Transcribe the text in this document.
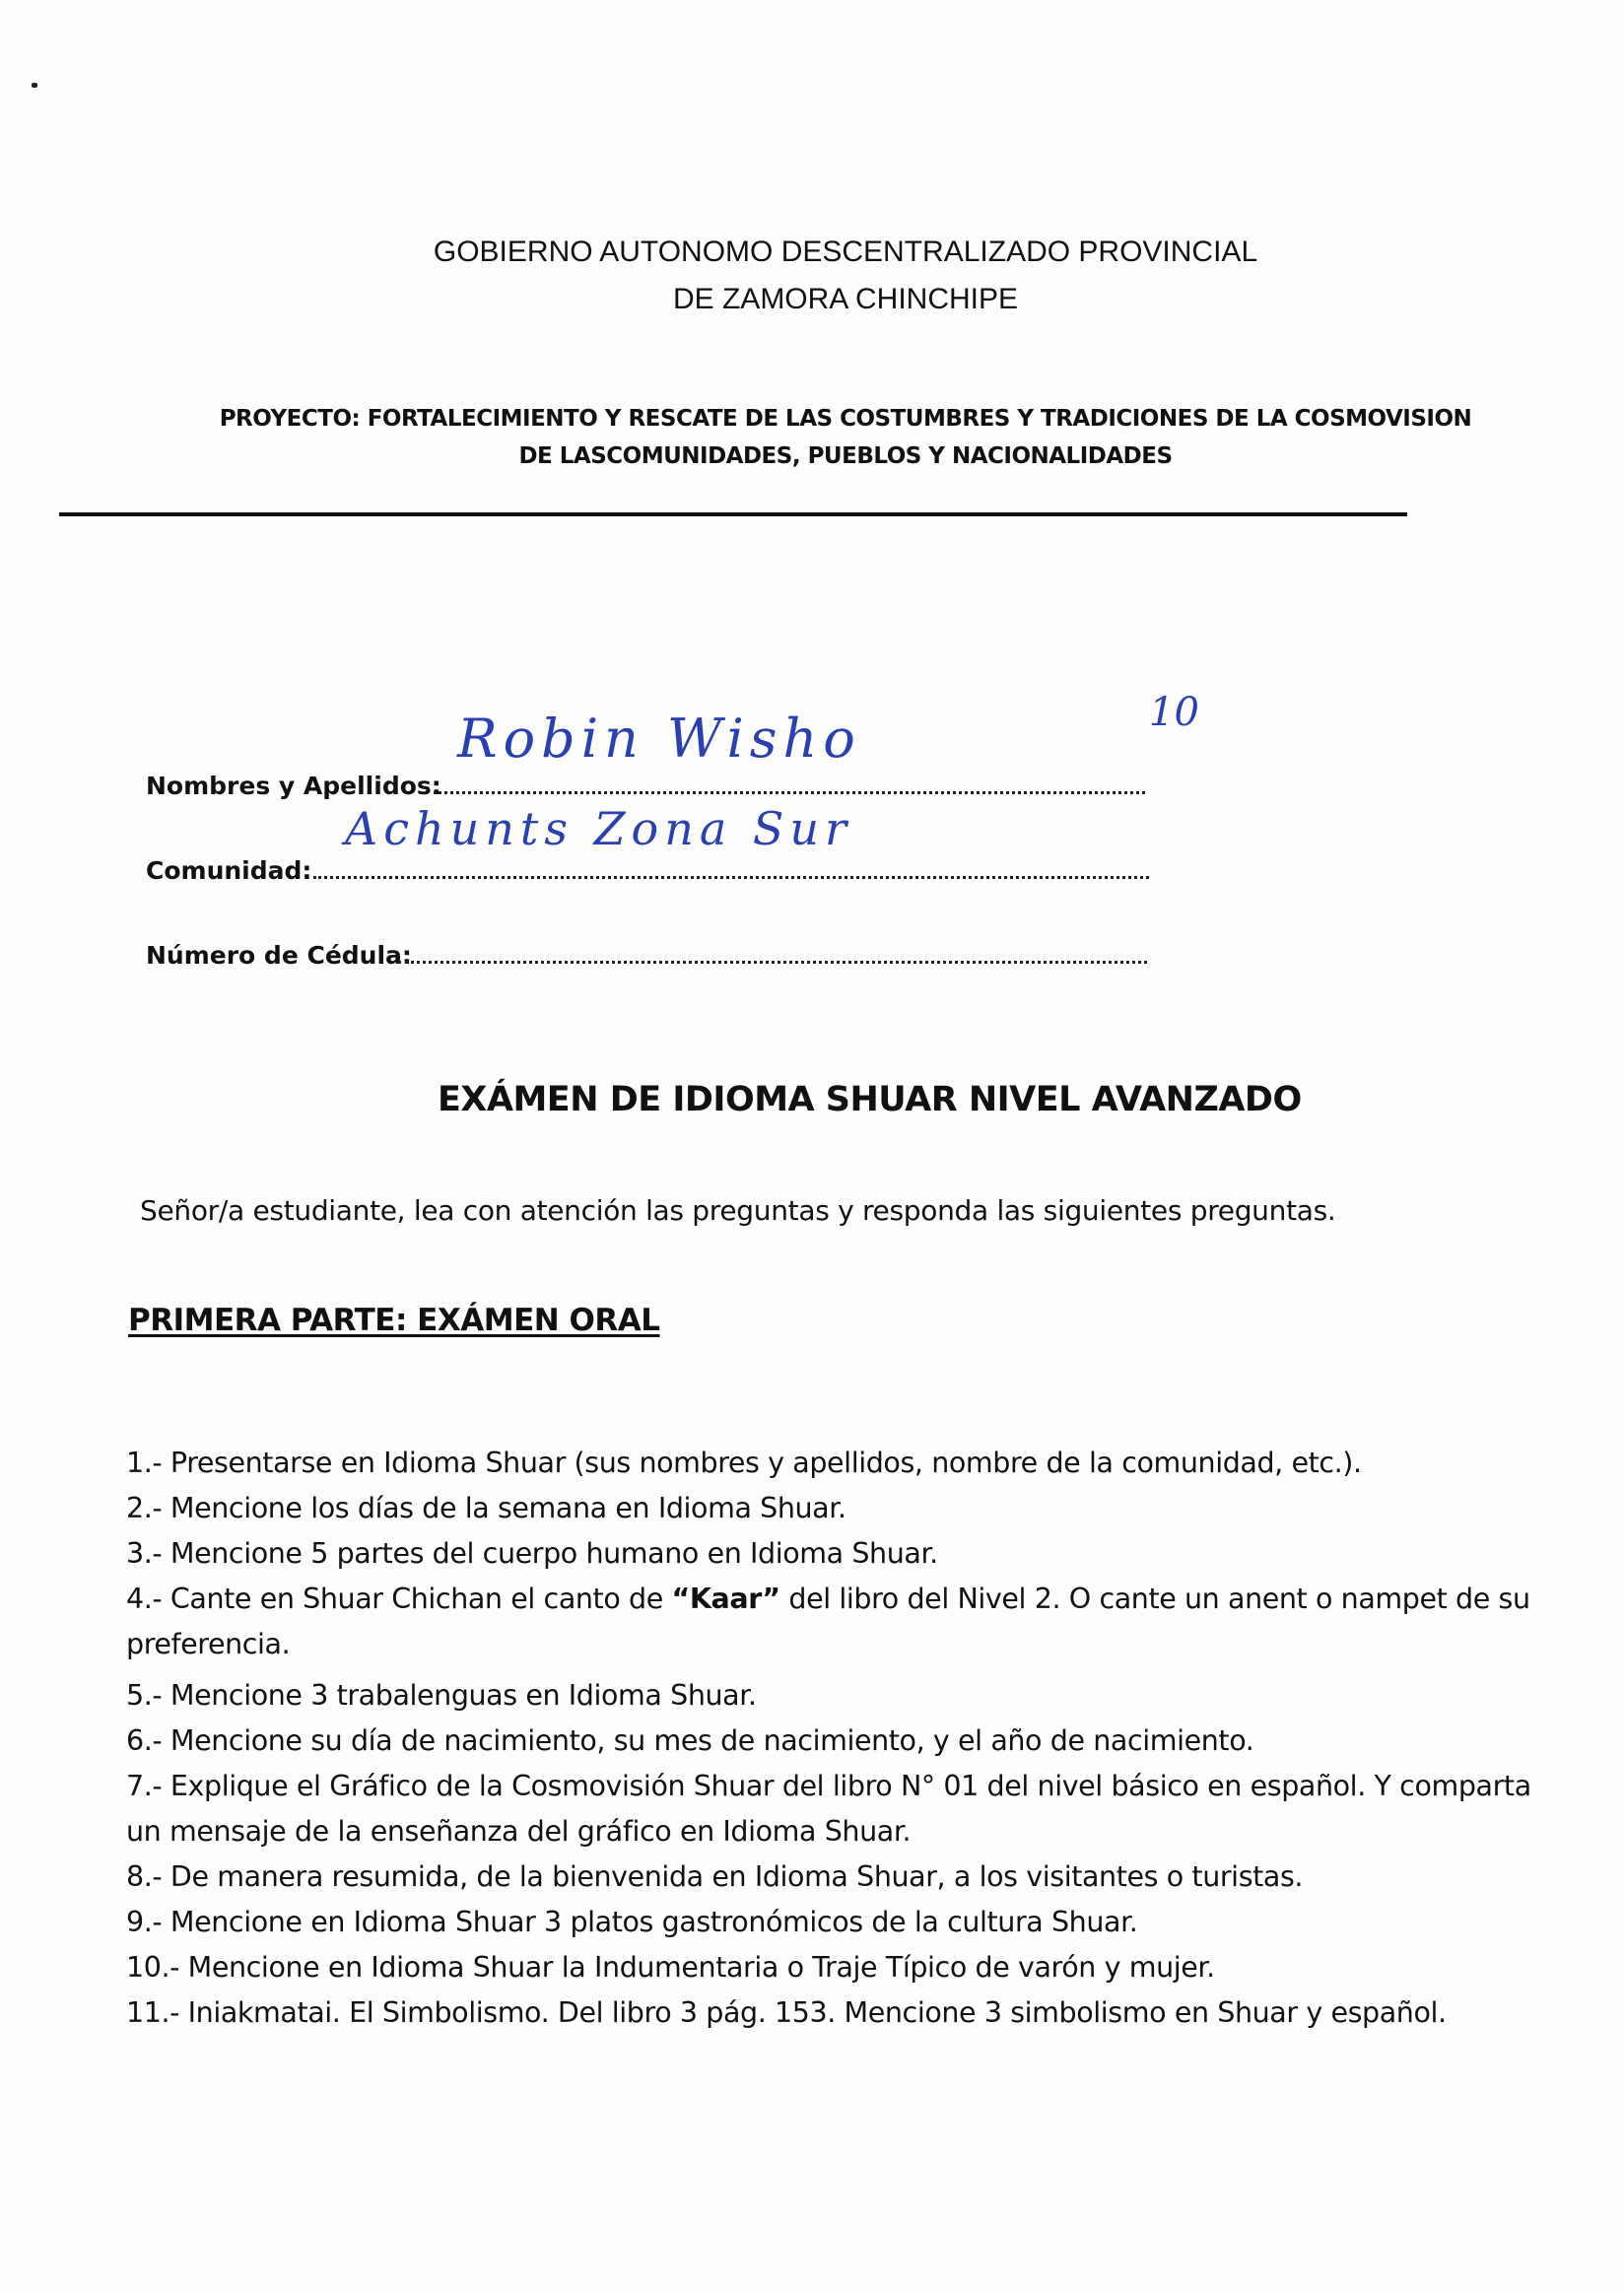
GOBIERNO AUTONOMO DESCENTRALIZADO PROVINCIAL
DE ZAMORA CHINCHIPE
PROYECTO: FORTALECIMIENTO Y RESCATE DE LAS COSTUMBRES Y TRADICIONES DE LA COSMOVISION
DE LASCOMUNIDADES, PUEBLOS Y NACIONALIDADES
Nombres y Apellidos:
Robin Wisho	10
Comunidad:
Achunts Zona Sur
Número de Cédula:
EXÁMEN DE IDIOMA SHUAR NIVEL AVANZADO
Señor/a estudiante, lea con atención las preguntas y responda las siguientes preguntas.
PRIMERA PARTE: EXÁMEN ORAL
1.- Presentarse en Idioma Shuar (sus nombres y apellidos, nombre de la comunidad, etc.).
2.- Mencione los días de la semana en Idioma Shuar.
3.- Mencione 5 partes del cuerpo humano en Idioma Shuar.
4.- Cante en Shuar Chichan el canto de “Kaar” del libro del Nivel 2. O cante un anent o nampet de su preferencia.
5.- Mencione 3 trabalenguas en Idioma Shuar.
6.- Mencione su día de nacimiento, su mes de nacimiento, y el año de nacimiento.
7.- Explique el Gráfico de la Cosmovisión Shuar del libro N° 01 del nivel básico en español. Y comparta un mensaje de la enseñanza del gráfico en Idioma Shuar.
8.- De manera resumida, de la bienvenida en Idioma Shuar, a los visitantes o turistas.
9.- Mencione en Idioma Shuar 3 platos gastronómicos de la cultura Shuar.
10.- Mencione en Idioma Shuar la Indumentaria o Traje Típico de varón y mujer.
11.- Iniakmatai. El Simbolismo. Del libro 3 pág. 153. Mencione 3 simbolismo en Shuar y español.
